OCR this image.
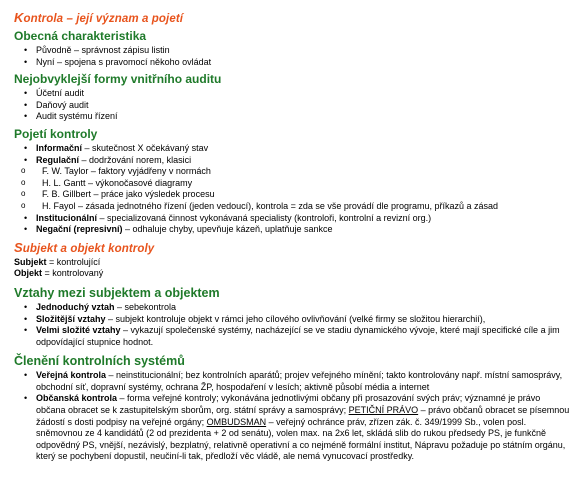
Kontrola – její význam a pojetí
Obecná charakteristika
• Původně – správnost zápisu listin
• Nyní – spojena s pravomocí někoho ovládat
Nejobvyklejší formy vnitřního auditu
• Účetní audit
• Daňový audit
• Audit systému řízení
Pojetí kontroly
• Informační – skutečnost X očekávaný stav
• Regulační – dodržování norem, klasici
o F. W. Taylor – faktory vyjádřeny v normách
o H. L. Gantt – výkonočasové diagramy
o F. B. Gillbert – práce jako výsledek procesu
o H. Fayol – zásada jednotného řízení (jeden vedoucí), kontrola = zda se vše provádí dle programu, příkazů a zásad
• Institucionální – specializovaná činnost vykonávaná specialisty (kontroloři, kontrolní a revizní org.)
• Negační (represivní) – odhaluje chyby, upevňuje kázeň, uplatňuje sankce
Subjekt a objekt kontroly
Subjekt = kontrolující
Objekt = kontrolovaný
Vztahy mezi subjektem a objektem
• Jednoduchý vztah – sebekontrola
• Složitější vztahy – subjekt kontroluje objekt v rámci jeho cílového ovlivňování (velké firmy se složitou hierarchií),
• Velmi složité vztahy – vykazují společenské systémy, nacházející se ve stadiu dynamického vývoje, které mají specifické cíle a jim odpovídající stupnice hodnot.
Členění kontrolních systémů
• Veřejná kontrola – neinstitucionální; bez kontrolních aparátů; projev veřejného mínění; takto kontrolovány např. místní samosprávy, obchodní síť, dopravní systémy, ochrana ŽP, hospodaření v lesích; aktivně působí média a internet
• Občanská kontrola – forma veřejné kontroly; vykonávána jednotlivými občany při prosazování svých práv; významné je právo občana obracet se k zastupitelským sborům, org. státní správy a samosprávy; PETIČNÍ PRÁVO – právo občanů obracet se písemnou žádostí s dosti podpisy na veřejné orgány; OMBUDSMAN – veřejný ochránce práv, zřízen zák. č. 349/1999 Sb., volen posl. sněmovnou ze 4 kandidátů (2 od prezidenta + 2 od senátu), volen max. na 2x6 let, skládá slib do rukou předsedy PS, je funkčně odpovědný PS, vnější, nezávislý, bezplatný, relativně operativní a co nejméně formální institut, Nápravu požaduje po státním orgánu, který se pochybení dopustil, neučiní-li tak, předloží věc vládě, ale nemá vynucovací prostředky.
